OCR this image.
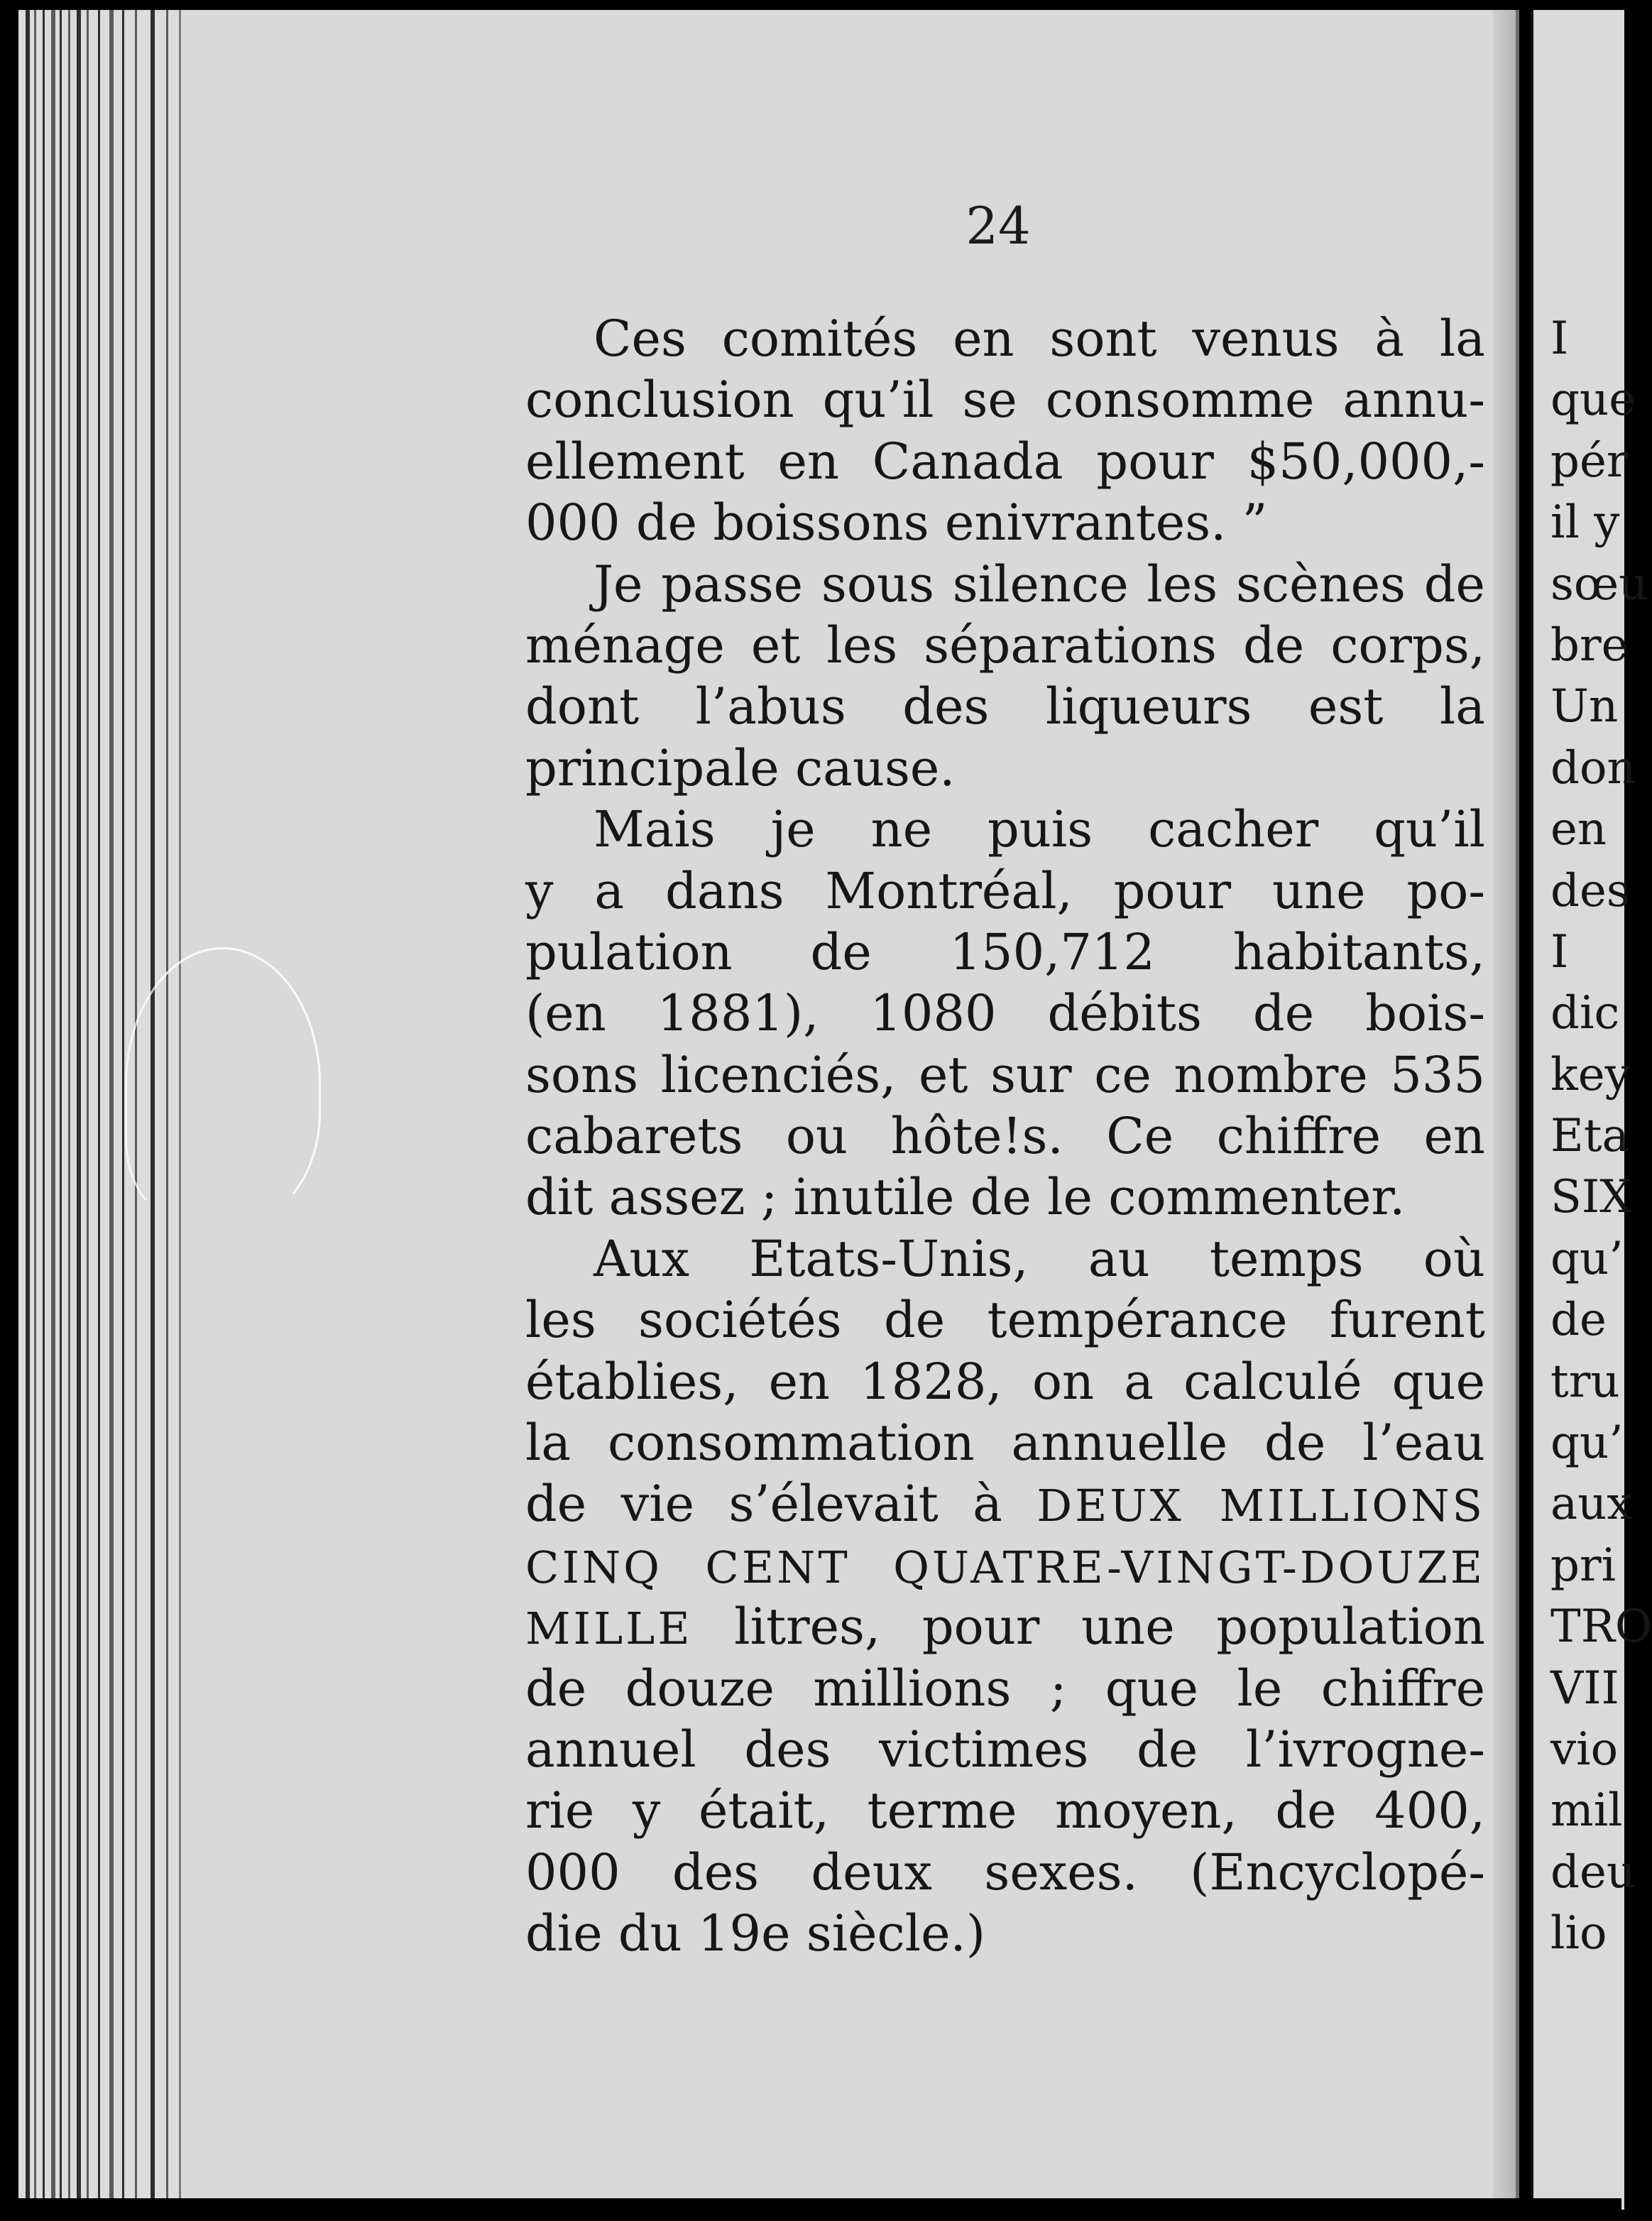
24
Ces comités en sont venus à la
conclusion qu’il se consomme annu-
ellement en Canada pour $50,000,-
000 de boissons enivrantes. ”
Je passe sous silence les scènes de
ménage et les séparations de corps,
dont l’abus des liqueurs est la
principale cause.
Mais je ne puis cacher qu’il
y a dans Montréal, pour une po-
pulation de 150,712 habitants,
(en 1881), 1080 débits de bois-
sons licenciés, et sur ce nombre 535
cabarets ou hôte!s. Ce chiffre en
dit assez ; inutile de le commenter.
Aux Etats-Unis, au temps où
les sociétés de tempérance furent
établies, en 1828, on a calculé que
la consommation annuelle de l’eau
de vie s’élevait à DEUX MILLIONS
CINQ CENT QUATRE-VINGT-DOUZE
MILLE litres, pour une population
de douze millions ; que le chiffre
annuel des victimes de l’ivrogne-
rie y était, terme moyen, de 400,
000 des deux sexes. (Encyclopé-
die du 19e siècle.)
I
que
pér
il y
sœu
bre
Un
don
en
des
I
dic
key
Eta
SIX
qu’
de
tru
qu’
aux
pri
TRO
VII
vio
mil
deu
lio
